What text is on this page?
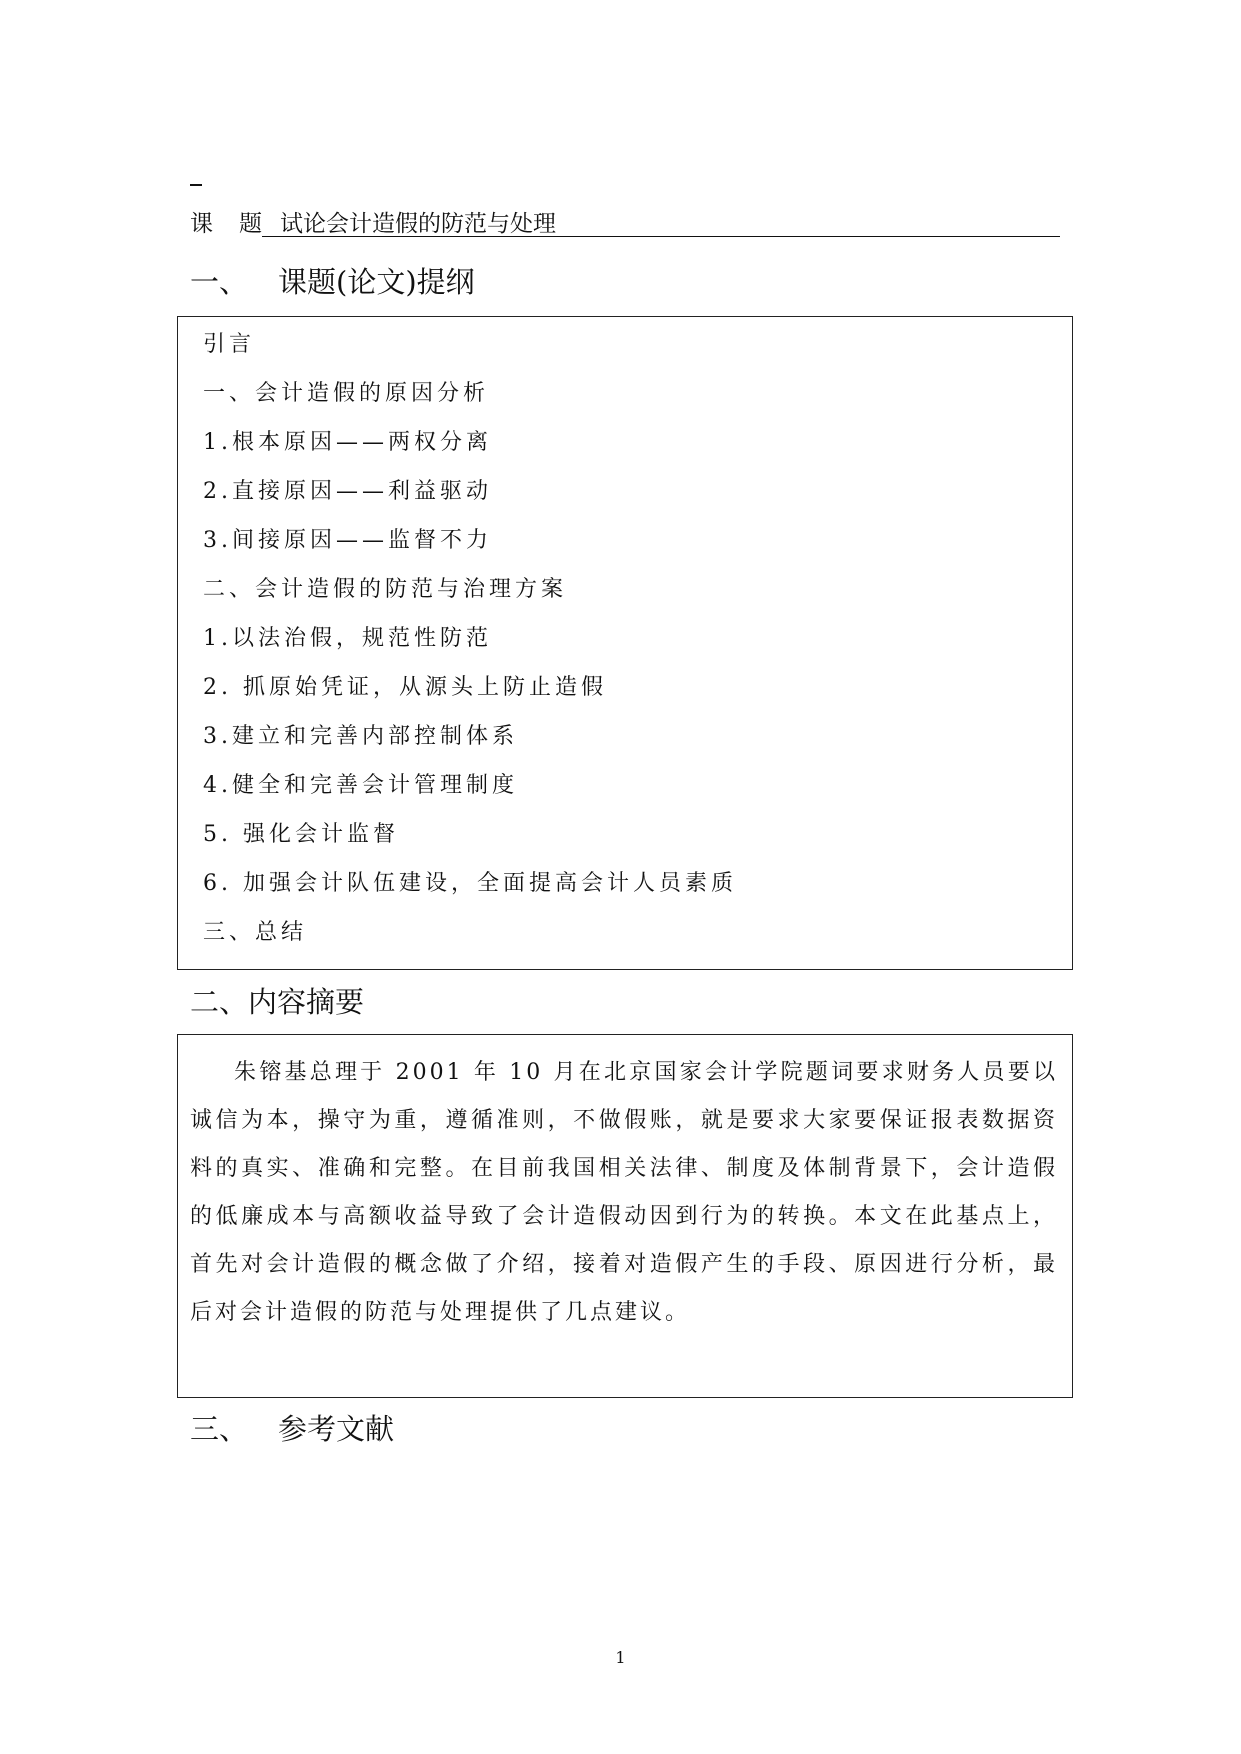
课 题 试论会计造假的防范与处理
一、 课题(论文)提纲
引言
一、会计造假的原因分析
1.根本原因——两权分离
2.直接原因——利益驱动
3.间接原因——监督不力
二、会计造假的防范与治理方案
1.以法治假，规范性防范
2. 抓原始凭证，从源头上防止造假
3.建立和完善内部控制体系
4.健全和完善会计管理制度
5. 强化会计监督
6. 加强会计队伍建设，全面提高会计人员素质
三、总结
二、内容摘要

朱镕基总理于 2001 年 10 月在北京国家会计学院题词要求财务人员要以诚信为本，操守为重，遵循准则，不做假账，就是要求大家要保证报表数据资料的真实、准确和完整。在目前我国相关法律、制度及体制背景下，会计造假的低廉成本与高额收益导致了会计造假动因到行为的转换。本文在此基点上，首先对会计造假的概念做了介绍，接着对造假产生的手段、原因进行分析，最后对会计造假的防范与处理提供了几点建议。

三、 参考文献
1
